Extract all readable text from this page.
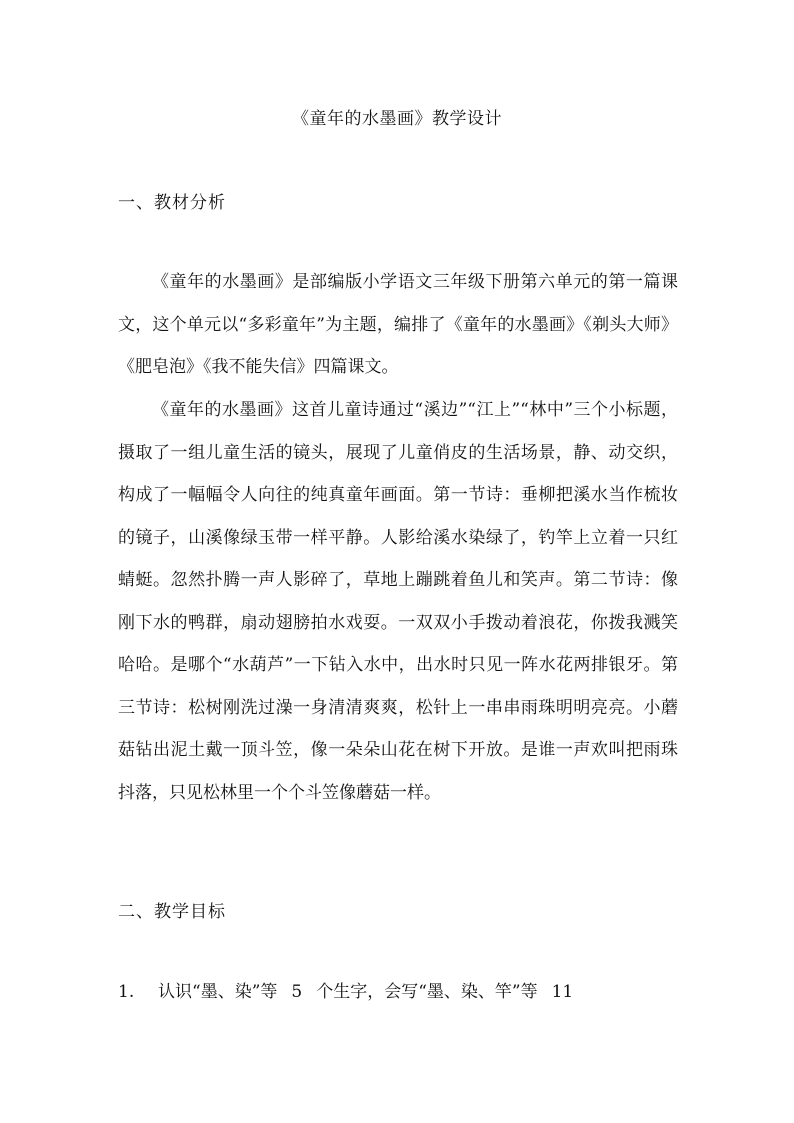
《童年的水墨画》教学设计
一、教材分析

《童年的水墨画》是部编版小学语文三年级下册第六单元的第一篇课文，这个单元以“多彩童年”为主题，编排了《童年的水墨画》《剃头大师》《肥皂泡》《我不能失信》四篇课文。

《童年的水墨画》这首儿童诗通过“溪边”“江上”“林中”三个小标题，摄取了一组儿童生活的镜头，展现了儿童俏皮的生活场景，静、动交织，构成了一幅幅令人向往的纯真童年画面。第一节诗：垂柳把溪水当作梳妆的镜子，山溪像绿玉带一样平静。人影给溪水染绿了，钓竿上立着一只红蜻蜓。忽然扑腾一声人影碎了，草地上蹦跳着鱼儿和笑声。第二节诗：像刚下水的鸭群，扇动翅膀拍水戏耍。一双双小手拨动着浪花，你拨我溅笑哈哈。是哪个“水葫芦”一下钻入水中，出水时只见一阵水花两排银牙。第三节诗：松树刚洗过澡一身清清爽爽，松针上一串串雨珠明明亮亮。小蘑菇钻出泥土戴一顶斗笠，像一朵朵山花在树下开放。是谁一声欢叫把雨珠抖落，只见松林里一个个斗笠像蘑菇一样。

二、教学目标
1. 认识“墨、染”等 5 个生字，会写“墨、染、竿”等 11
